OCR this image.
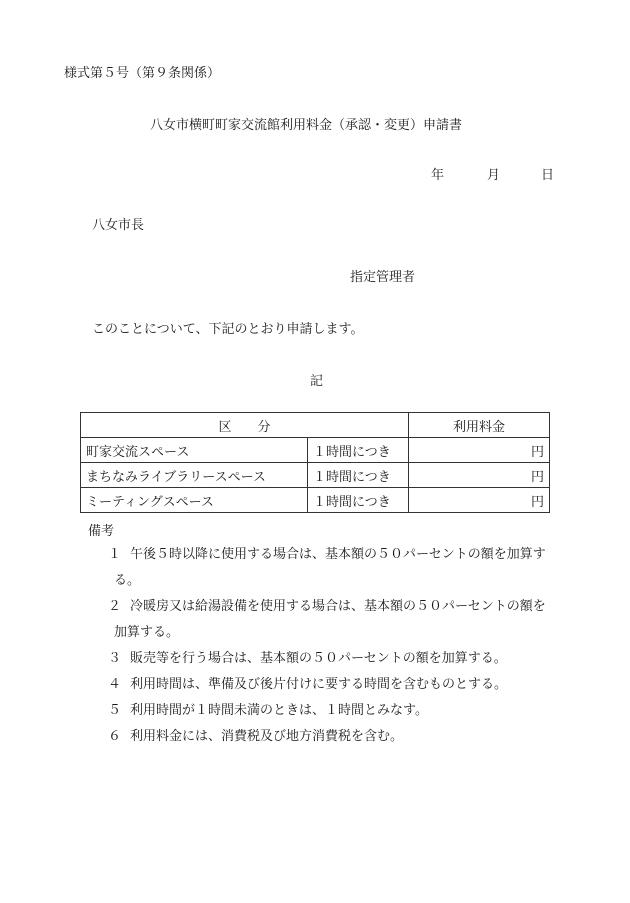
様式第５号（第９条関係）
八女市横町町家交流館利用料金（承認・変更）申請書
年	月	日
八女市長
指定管理者
このことについて、下記のとおり申請します。
記
区　　分		利用料金
町家交流スペース	１時間につき	円
まちなみライブラリースペース	１時間につき	円
ミーティングスペース	１時間につき	円
備考
１ 午後５時以降に使用する場合は、基本額の５０パーセントの額を加算す
る。
２ 冷暖房又は給湯設備を使用する場合は、基本額の５０パーセントの額を
加算する。
３ 販売等を行う場合は、基本額の５０パーセントの額を加算する。
４ 利用時間は、準備及び後片付けに要する時間を含むものとする。
５ 利用時間が１時間未満のときは、１時間とみなす。
６ 利用料金には、消費税及び地方消費税を含む。
